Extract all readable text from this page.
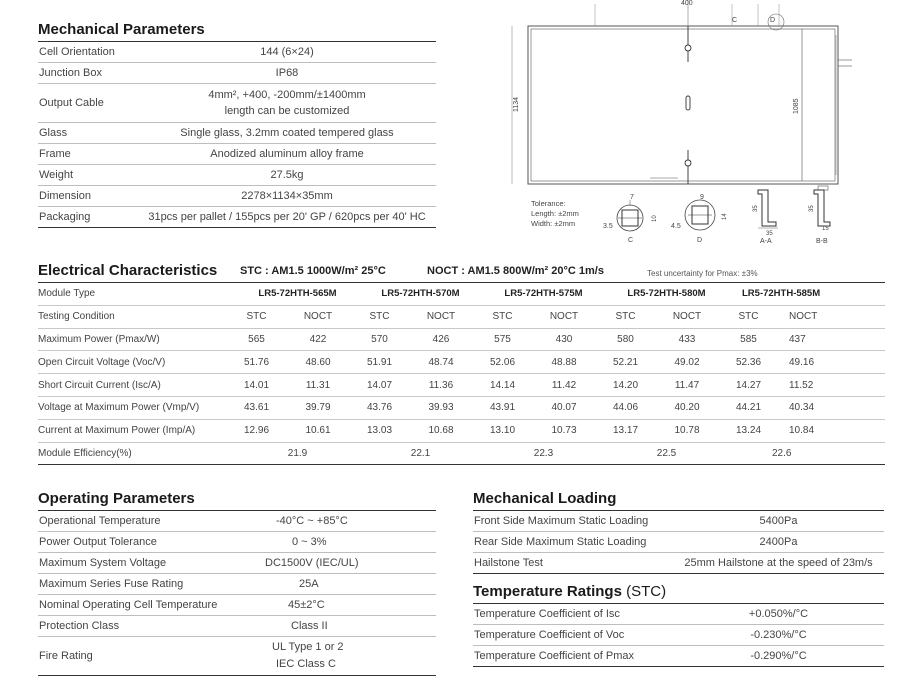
Mechanical Parameters
Cell Orientation	144 (6×24)
Junction Box	IP68
Output Cable	4mm², +400, -200mm/±1400mm
length can be customized
Glass	Single glass, 3.2mm coated tempered glass
Frame	Anodized aluminum alloy frame
Weight	27.5kg
Dimension	2278×1134×35mm
Packaging	31pcs per pallet / 155pcs per 20' GP / 620pcs per 40' HC
400
C	D
1134	1085
Tolerance:
Length: ±2mm
Width: ±2mm
7
3.5
10
C
9
4.5
14
D
35
35
A-A
35
15
B-B
Electrical Characteristics STC : AM1.5 1000W/m² 25°C	NOCT : AM1.5 800W/m² 20°C 1m/s	Test uncertainty for Pmax: ±3%
Module Type	LR5-72HTH-565M		LR5-72HTH-570M		LR5-72HTH-575M		LR5-72HTH-580M		LR5-72HTH-585M	
Testing Condition	STC	NOCT	STC	NOCT	STC	NOCT	STC	NOCT	STC	NOCT
Maximum Power (Pmax/W)	565	422	570	426	575	430	580	433	585	437
Open Circuit Voltage (Voc/V)	51.76	48.60	51.91	48.74	52.06	48.88	52.21	49.02	52.36	49.16
Short Circuit Current (Isc/A)	14.01	11.31	14.07	11.36	14.14	11.42	14.20	11.47	14.27	11.52
Voltage at Maximum Power (Vmp/V)	43.61	39.79	43.76	39.93	43.91	40.07	44.06	40.20	44.21	40.34
Current at Maximum Power (Imp/A)	12.96	10.61	13.03	10.68	13.10	10.73	13.17	10.78	13.24	10.84
Module Efficiency(%)	21.9		22.1		22.3		22.5		22.6	
Operating Parameters
Operational Temperature	-40°C ~ +85°C
Power Output Tolerance	0 ~ 3%
Maximum System Voltage	DC1500V (IEC/UL)
Maximum Series Fuse Rating	25A
Nominal Operating Cell Temperature	45±2°C
Protection Class	Class II
Fire Rating	UL Type 1 or 2
IEC Class C
Mechanical Loading
Front Side Maximum Static Loading	5400Pa
Rear Side Maximum Static Loading	2400Pa
Hailstone Test	25mm Hailstone at the speed of 23m/s
Temperature Ratings (STC)
Temperature Coefficient of Isc	+0.050%/°C
Temperature Coefficient of Voc	-0.230%/°C
Temperature Coefficient of Pmax	-0.290%/°C
